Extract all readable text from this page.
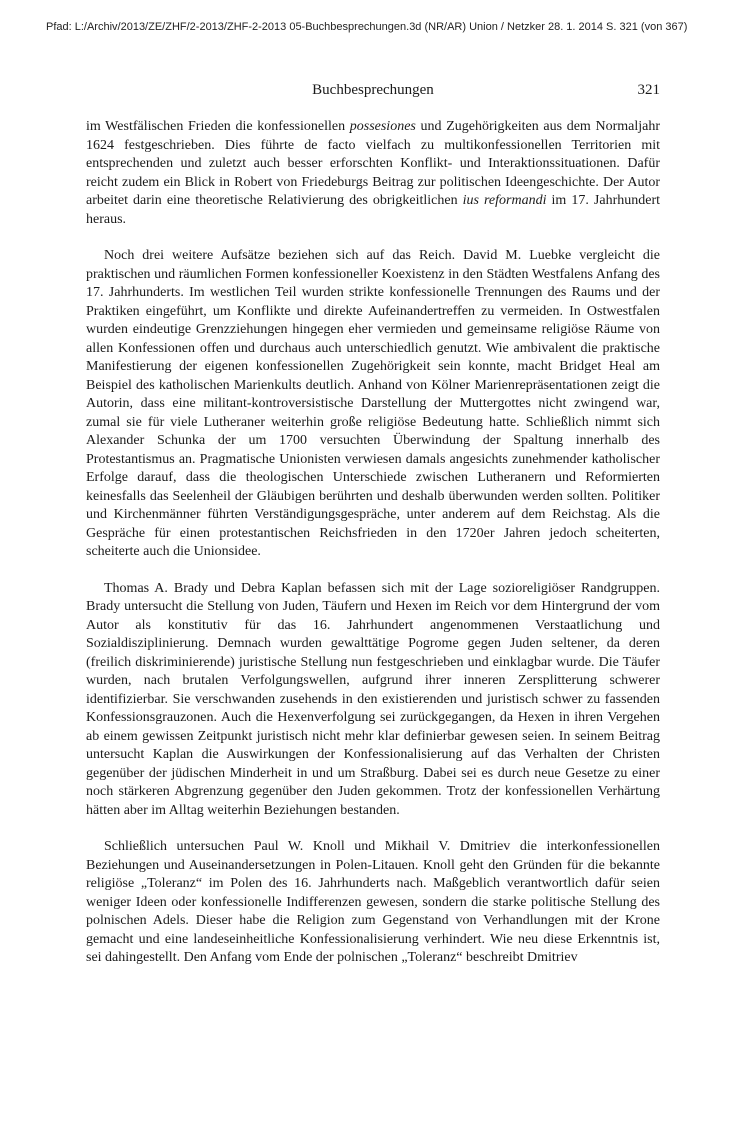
Pfad: L:/Archiv/2013/ZE/ZHF/2-2013/ZHF-2-2013 05-Buchbesprechungen.3d (NR/AR) Union / Netzker 28. 1. 2014 S. 321 (von 367)

Buchbesprechungen	321

im Westfälischen Frieden die konfessionellen possesiones und Zugehörigkeiten aus dem Normaljahr 1624 festgeschrieben. Dies führte de facto vielfach zu multikonfessionellen Territorien mit entsprechenden und zuletzt auch besser erforschten Konflikt- und Interaktionssituationen. Dafür reicht zudem ein Blick in Robert von Friedeburgs Beitrag zur politischen Ideengeschichte. Der Autor arbeitet darin eine theoretische Relativierung des obrigkeitlichen ius reformandi im 17. Jahrhundert heraus.

Noch drei weitere Aufsätze beziehen sich auf das Reich. David M. Luebke vergleicht die praktischen und räumlichen Formen konfessioneller Koexistenz in den Städten Westfalens Anfang des 17. Jahrhunderts. Im westlichen Teil wurden strikte konfessionelle Trennungen des Raums und der Praktiken eingeführt, um Konflikte und direkte Aufeinandertreffen zu vermeiden. In Ostwestfalen wurden eindeutige Grenzziehungen hingegen eher vermieden und gemeinsame religiöse Räume von allen Konfessionen offen und durchaus auch unterschiedlich genutzt. Wie ambivalent die praktische Manifestierung der eigenen konfessionellen Zugehörigkeit sein konnte, macht Bridget Heal am Beispiel des katholischen Marienkults deutlich. Anhand von Kölner Marienrepräsentationen zeigt die Autorin, dass eine militant-kontroversistische Darstellung der Muttergottes nicht zwingend war, zumal sie für viele Lutheraner weiterhin große religiöse Bedeutung hatte. Schließlich nimmt sich Alexander Schunka der um 1700 versuchten Überwindung der Spaltung innerhalb des Protestantismus an. Pragmatische Unionisten verwiesen damals angesichts zunehmender katholischer Erfolge darauf, dass die theologischen Unterschiede zwischen Lutheranern und Reformierten keinesfalls das Seelenheil der Gläubigen berührten und deshalb überwunden werden sollten. Politiker und Kirchenmänner führten Verständigungsgespräche, unter anderem auf dem Reichstag. Als die Gespräche für einen protestantischen Reichsfrieden in den 1720er Jahren jedoch scheiterten, scheiterte auch die Unionsidee.

Thomas A. Brady und Debra Kaplan befassen sich mit der Lage sozioreligiöser Randgruppen. Brady untersucht die Stellung von Juden, Täufern und Hexen im Reich vor dem Hintergrund der vom Autor als konstitutiv für das 16. Jahrhundert angenommenen Verstaatlichung und Sozialdisziplinierung. Demnach wurden gewalttätige Pogrome gegen Juden seltener, da deren (freilich diskriminierende) juristische Stellung nun festgeschrieben und einklagbar wurde. Die Täufer wurden, nach brutalen Verfolgungswellen, aufgrund ihrer inneren Zersplitterung schwerer identifizierbar. Sie verschwanden zusehends in den existierenden und juristisch schwer zu fassenden Konfessionsgrauzonen. Auch die Hexenverfolgung sei zurückgegangen, da Hexen in ihren Vergehen ab einem gewissen Zeitpunkt juristisch nicht mehr klar definierbar gewesen seien. In seinem Beitrag untersucht Kaplan die Auswirkungen der Konfessionalisierung auf das Verhalten der Christen gegenüber der jüdischen Minderheit in und um Straßburg. Dabei sei es durch neue Gesetze zu einer noch stärkeren Abgrenzung gegenüber den Juden gekommen. Trotz der konfessionellen Verhärtung hätten aber im Alltag weiterhin Beziehungen bestanden.

Schließlich untersuchen Paul W. Knoll und Mikhail V. Dmitriev die interkonfessionellen Beziehungen und Auseinandersetzungen in Polen-Litauen. Knoll geht den Gründen für die bekannte religiöse „Toleranz“ im Polen des 16. Jahrhunderts nach. Maßgeblich verantwortlich dafür seien weniger Ideen oder konfessionelle Indifferenzen gewesen, sondern die starke politische Stellung des polnischen Adels. Dieser habe die Religion zum Gegenstand von Verhandlungen mit der Krone gemacht und eine landeseinheitliche Konfessionalisierung verhindert. Wie neu diese Erkenntnis ist, sei dahingestellt. Den Anfang vom Ende der polnischen „Toleranz“ beschreibt Dmitriev
